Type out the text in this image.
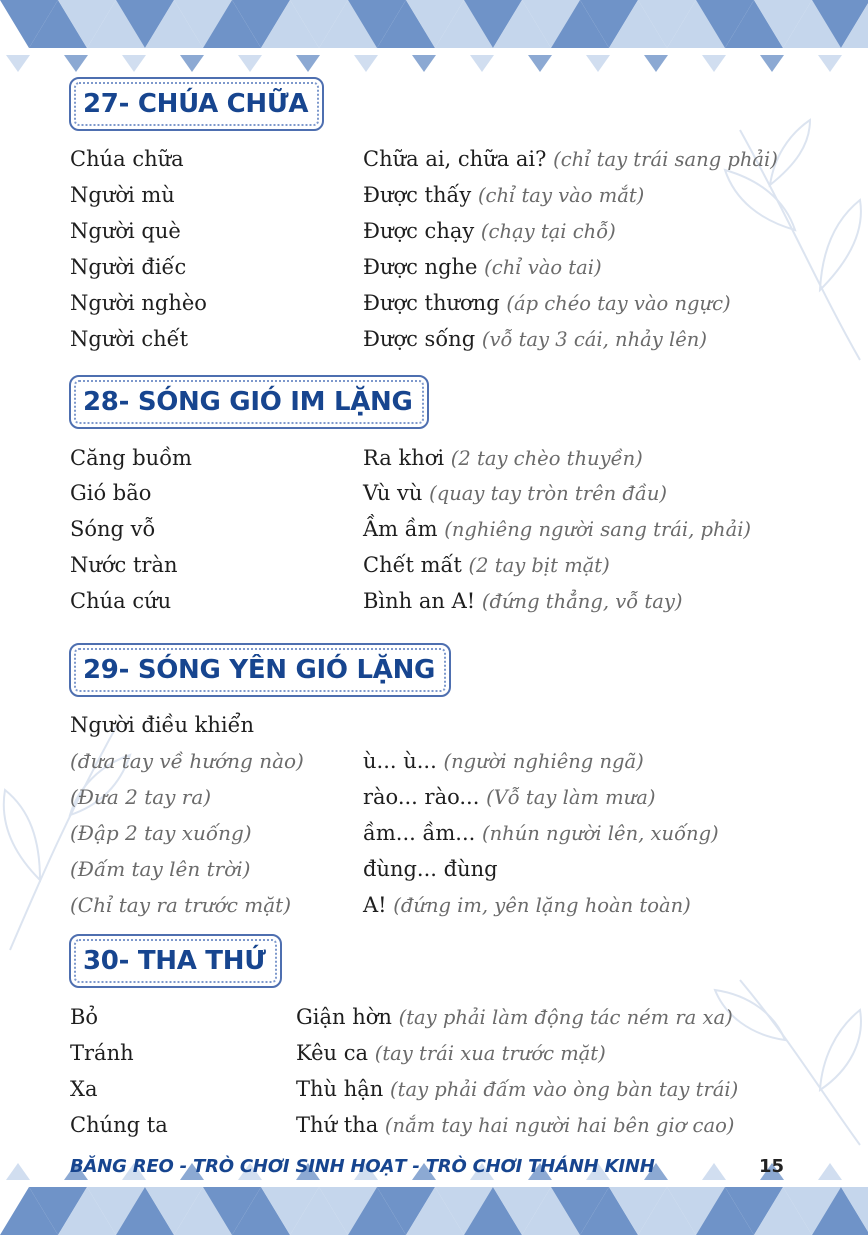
27- CHÚA CHỮA
28- SÓNG GIÓ IM LẶNG
29- SÓNG YÊN GIÓ LẶNG
30- THA THỨ
Chúa chữa	Chữa ai, chữa ai? (chỉ tay trái sang phải)
Người mù	Được thấy (chỉ tay vào mắt)
Người què	Được chạy (chạy tại chỗ)
Người điếc	Được nghe (chỉ vào tai)
Người nghèo	Được thương (áp chéo tay vào ngực)
Người chết	Được sống (vỗ tay 3 cái, nhảy lên)
Căng buồm	Ra khơi (2 tay chèo thuyền)
Gió bão	Vù vù (quay tay tròn trên đầu)
Sóng vỗ	Ầm ầm (nghiêng người sang trái, phải)
Nước tràn	Chết mất (2 tay bịt mặt)
Chúa cứu	Bình an A! (đứng thẳng, vỗ tay)
Người điều khiển
(đưa tay về hướng nào)	ù... ù... (người nghiêng ngã)
(Đưa 2 tay ra)	rào... rào... (Vỗ tay làm mưa)
(Đập 2 tay xuống)	ầm... ầm... (nhún người lên, xuống)
(Đấm tay lên trời)	đùng... đùng
(Chỉ tay ra trước mặt)	A! (đứng im, yên lặng hoàn toàn)
Bỏ	Giận hờn (tay phải làm động tác ném ra xa)
Tránh	Kêu ca (tay trái xua trước mặt)
Xa	Thù hận (tay phải đấm vào òng bàn tay trái)
Chúng ta	Thứ tha (nắm tay hai người hai bên giơ cao)
BĂNG REO - TRÒ CHƠI SINH HOẠT - TRÒ CHƠI THÁNH KINH	15
